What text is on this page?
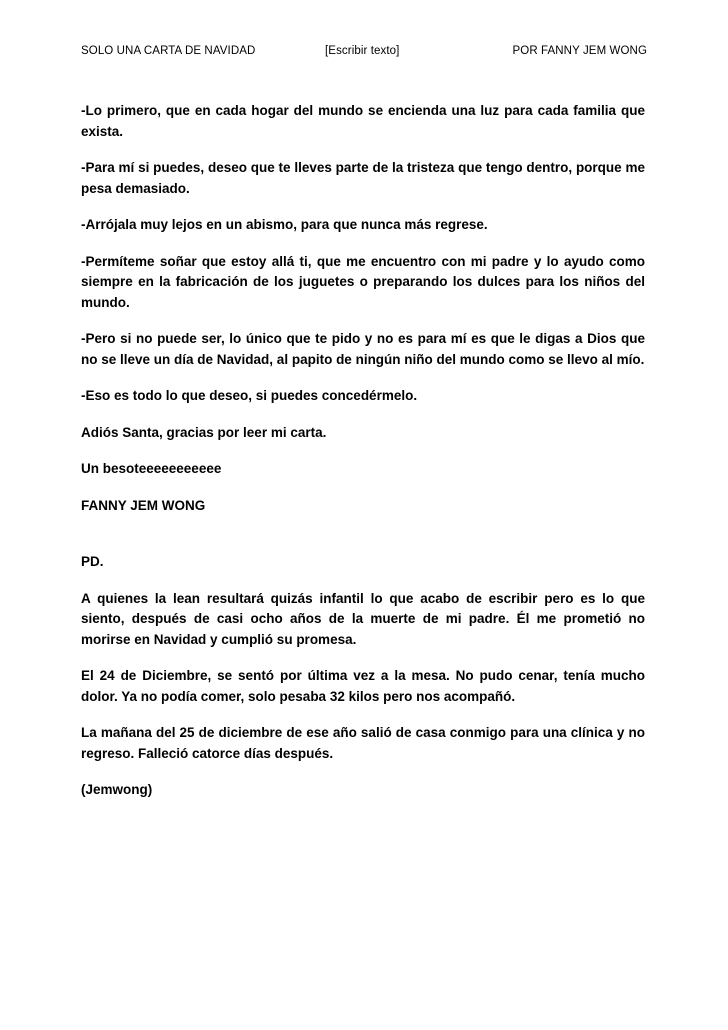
SOLO UNA CARTA DE NAVIDAD	[Escribir texto]	POR FANNY JEM WONG

-Lo primero, que en cada hogar del mundo se encienda una luz para cada familia que exista.

-Para mí si puedes, deseo que te lleves parte de la tristeza que tengo dentro, porque me pesa demasiado.

-Arrójala muy lejos en un abismo, para que nunca más regrese.

-Permíteme soñar que estoy allá ti, que me encuentro con mi padre y lo ayudo como siempre en la fabricación de los juguetes o preparando los dulces para los niños del mundo.

-Pero si no puede ser, lo único que te pido y no es para mí es que le digas a Dios que no se lleve un día de Navidad, al papito de ningún niño del mundo como se llevo al mío.

-Eso es todo lo que deseo, si puedes concedérmelo.

Adiós Santa, gracias por leer mi carta.

Un besoteeeeeeeeeee

FANNY JEM WONG

PD.

A quienes la lean resultará quizás infantil lo que acabo de escribir pero es lo que siento, después de casi ocho años de la muerte de mi padre. Él me prometió no morirse en Navidad y cumplió su promesa.

El 24 de Diciembre, se sentó por última vez a la mesa. No pudo cenar, tenía mucho dolor. Ya no podía comer, solo pesaba 32 kilos pero nos acompañó.

La mañana del 25 de diciembre de ese año salió de casa conmigo para una clínica y no regreso. Falleció catorce días después.

(Jemwong)
